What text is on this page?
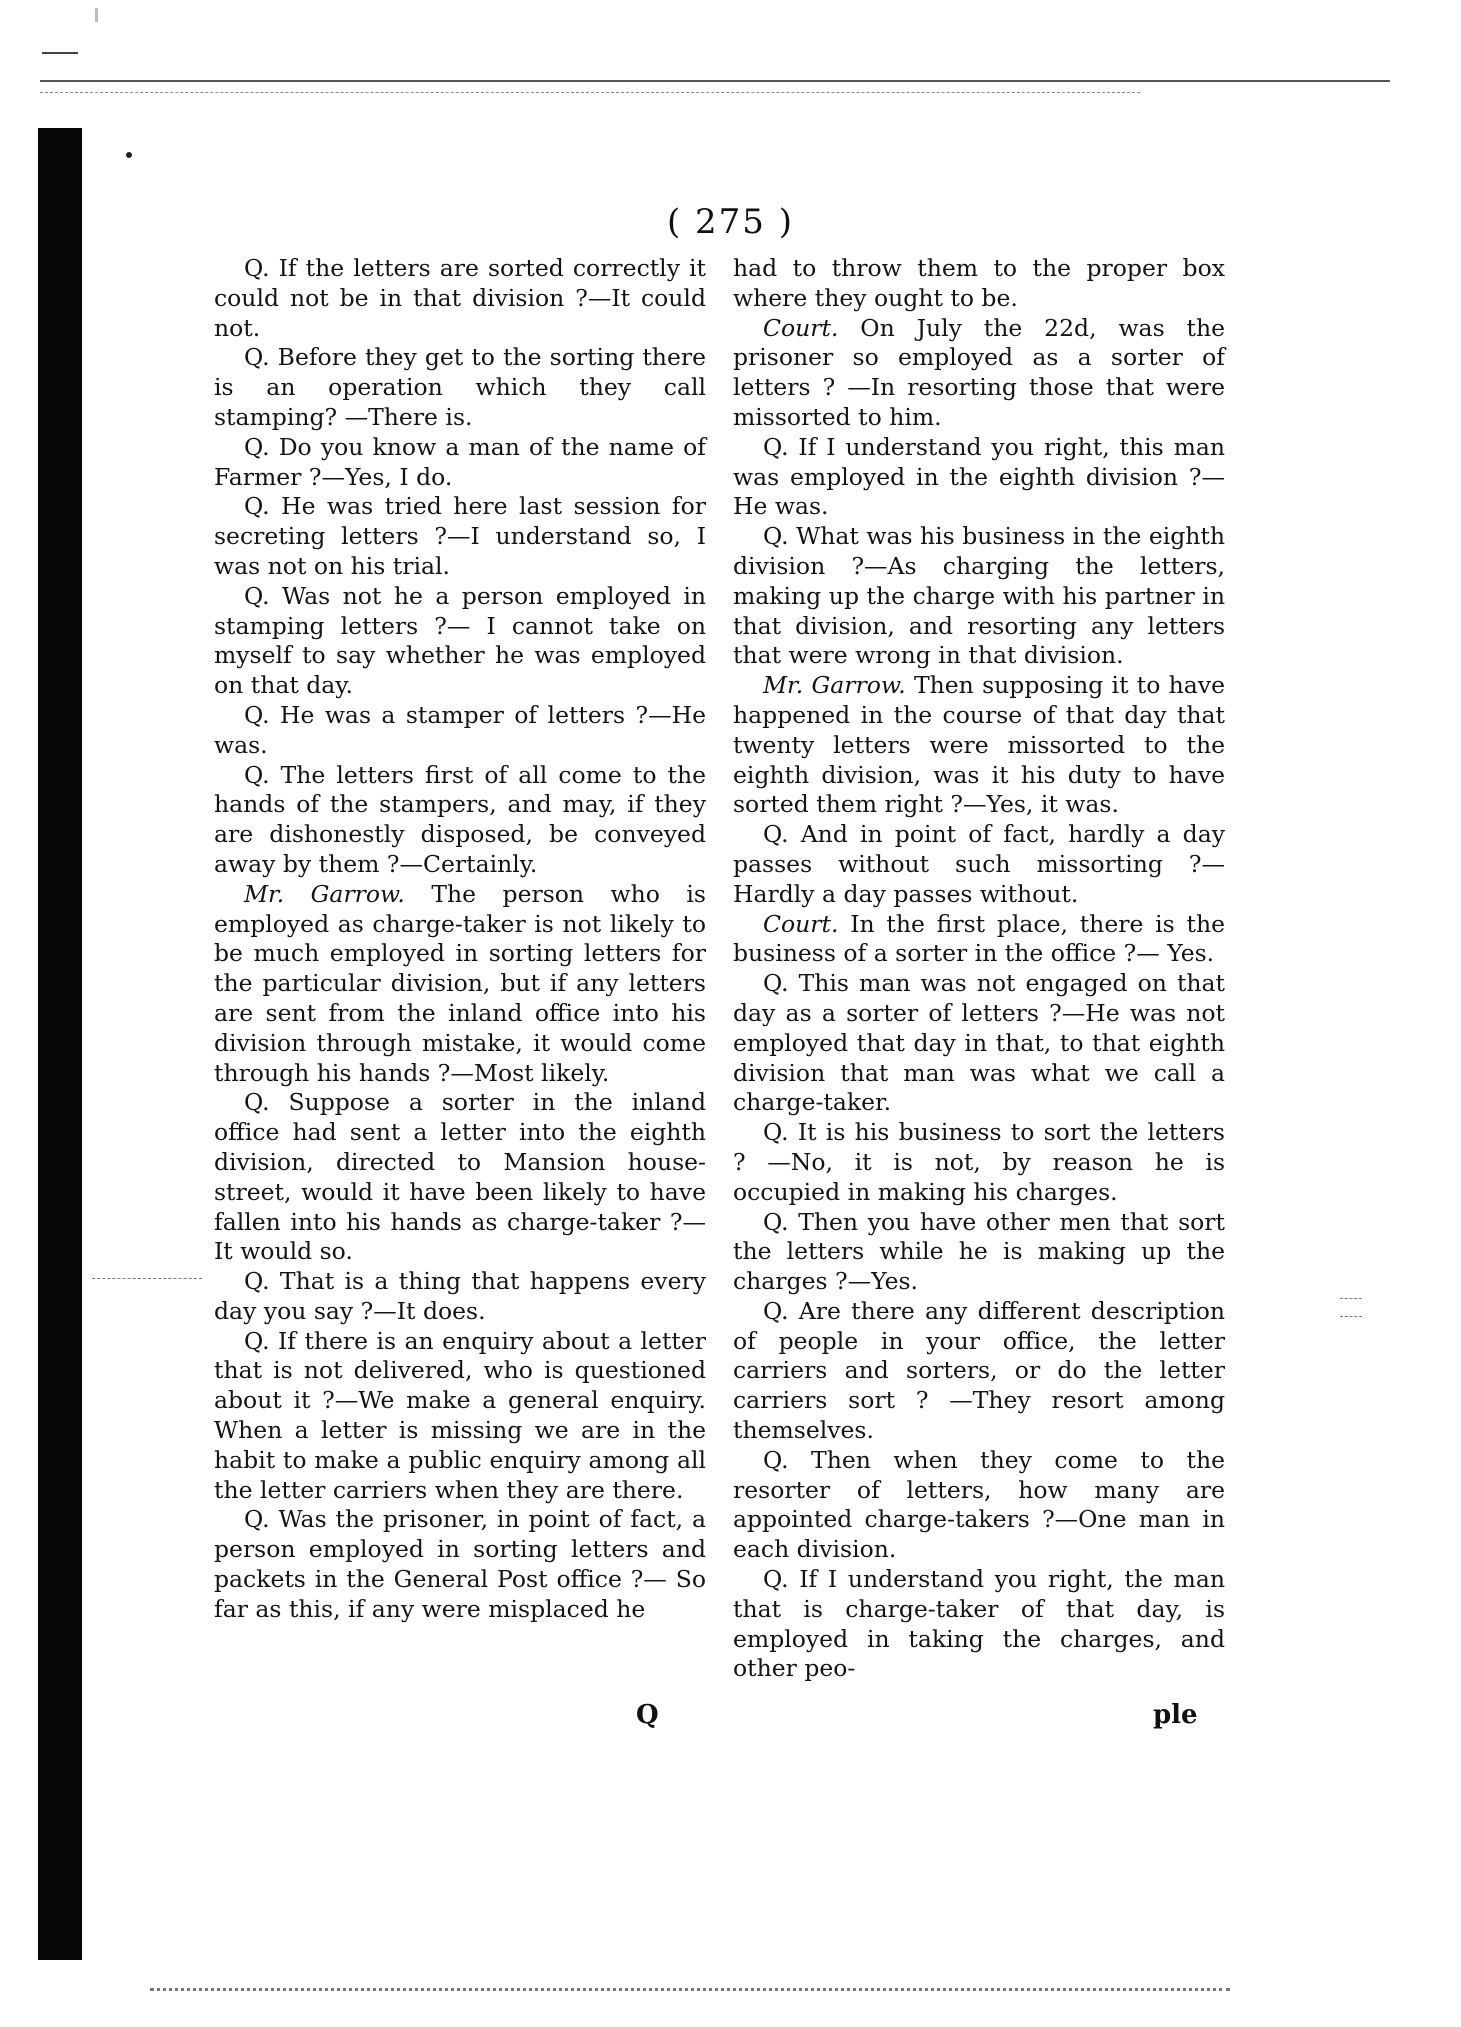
( 275 )

Q. If the letters are sorted correctly it could not be in that division ?—It could not.

Q. Before they get to the sorting there is an operation which they call stamping? —There is.

Q. Do you know a man of the name of Farmer ?—Yes, I do.

Q. He was tried here last session for secreting letters ?—I understand so, I was not on his trial.

Q. Was not he a person employed in stamping letters ?— I cannot take on myself to say whether he was employed on that day.

Q. He was a stamper of letters ?—He was.

Q. The letters first of all come to the hands of the stampers, and may, if they are dishonestly disposed, be conveyed away by them ?—Certainly.

Mr. Garrow. The person who is employed as charge-taker is not likely to be much employed in sorting letters for the particular division, but if any letters are sent from the inland office into his division through mistake, it would come through his hands ?—Most likely.

Q. Suppose a sorter in the inland office had sent a letter into the eighth division, directed to Mansion house-street, would it have been likely to have fallen into his hands as charge-taker ?—It would so.

Q. That is a thing that happens every day you say ?—It does.

Q. If there is an enquiry about a letter that is not delivered, who is questioned about it ?—We make a general enquiry. When a letter is missing we are in the habit to make a public enquiry among all the letter carriers when they are there.

Q. Was the prisoner, in point of fact, a person employed in sorting letters and packets in the General Post office ?— So far as this, if any were misplaced he

had to throw them to the proper box where they ought to be.

Court. On July the 22d, was the prisoner so employed as a sorter of letters ? —In resorting those that were missorted to him.

Q. If I understand you right, this man was employed in the eighth division ?— He was.

Q. What was his business in the eighth division ?—As charging the letters, making up the charge with his partner in that division, and resorting any letters that were wrong in that division.

Mr. Garrow. Then supposing it to have happened in the course of that day that twenty letters were missorted to the eighth division, was it his duty to have sorted them right ?—Yes, it was.

Q. And in point of fact, hardly a day passes without such missorting ?—Hardly a day passes without.

Court. In the first place, there is the business of a sorter in the office ?— Yes.

Q. This man was not engaged on that day as a sorter of letters ?—He was not employed that day in that, to that eighth division that man was what we call a charge-taker.

Q. It is his business to sort the letters ? —No, it is not, by reason he is occupied in making his charges.

Q. Then you have other men that sort the letters while he is making up the charges ?—Yes.

Q. Are there any different description of people in your office, the letter carriers and sorters, or do the letter carriers sort ? —They resort among themselves.

Q. Then when they come to the resorter of letters, how many are appointed charge-takers ?—One man in each division.

Q. If I understand you right, the man that is charge-taker of that day, is employed in taking the charges, and other peo-

Q	ple
